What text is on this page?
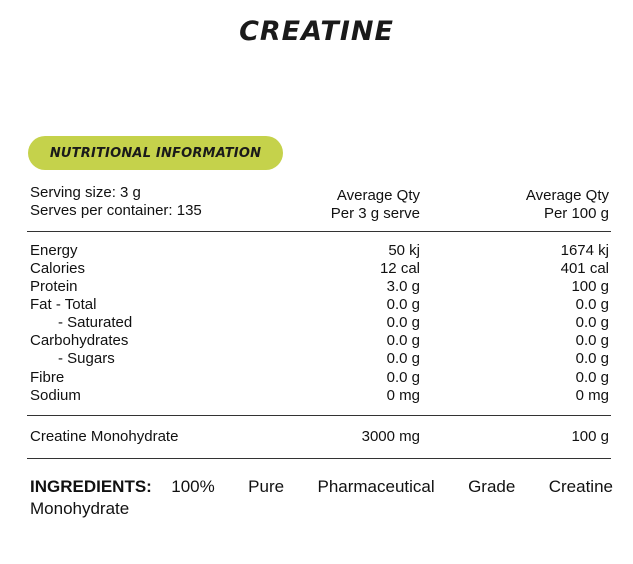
CREATINE
NUTRITIONAL INFORMATION
Serving size: 3 g
Serves per container: 135
Average Qty
Per 3 g serve
Average Qty
Per 100 g
Energy	50 kj	1674 kj
Calories	12 cal	401 cal
Protein	3.0 g	100 g
Fat - Total	0.0 g	0.0 g
- Saturated	0.0 g	0.0 g
Carbohydrates	0.0 g	0.0 g
- Sugars	0.0 g	0.0 g
Fibre	0.0 g	0.0 g
Sodium	0 mg	0 mg
Creatine Monohydrate	3000 mg	100 g
INGREDIENTS: 100% Pure Pharmaceutical Grade Creatine Monohydrate
